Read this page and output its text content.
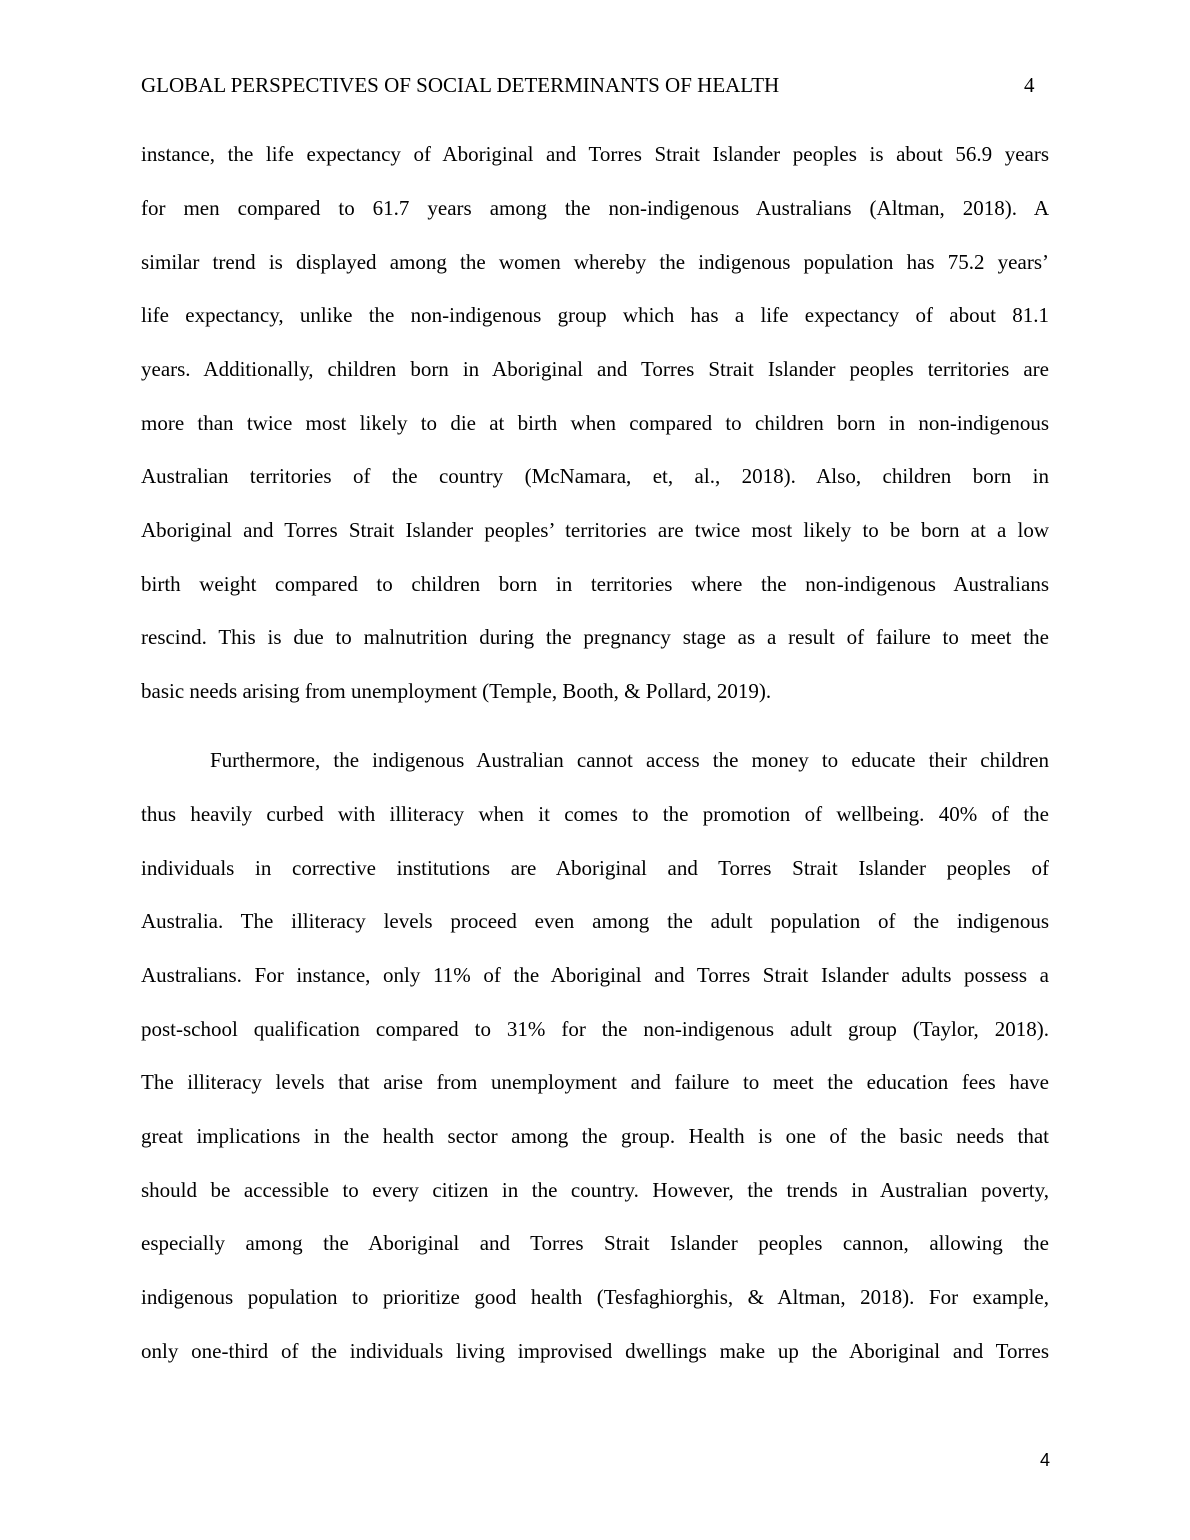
GLOBAL PERSPECTIVES OF SOCIAL DETERMINANTS OF HEALTH	4
instance, the life expectancy of Aboriginal and Torres Strait Islander peoples is about 56.9 years
for men compared to 61.7 years among the non-indigenous Australians (Altman, 2018). A
similar trend is displayed among the women whereby the indigenous population has 75.2 years’
life expectancy, unlike the non-indigenous group which has a life expectancy of about 81.1
years. Additionally, children born in Aboriginal and Torres Strait Islander peoples territories are
more than twice most likely to die at birth when compared to children born in non-indigenous
Australian territories of the country (McNamara, et, al., 2018). Also, children born in
Aboriginal and Torres Strait Islander peoples’ territories are twice most likely to be born at a low
birth weight compared to children born in territories where the non-indigenous Australians
rescind. This is due to malnutrition during the pregnancy stage as a result of failure to meet the
basic needs arising from unemployment (Temple, Booth, & Pollard, 2019).
Furthermore, the indigenous Australian cannot access the money to educate their children
thus heavily curbed with illiteracy when it comes to the promotion of wellbeing. 40% of the
individuals in corrective institutions are Aboriginal and Torres Strait Islander peoples of
Australia. The illiteracy levels proceed even among the adult population of the indigenous
Australians. For instance, only 11% of the Aboriginal and Torres Strait Islander adults possess a
post-school qualification compared to 31% for the non-indigenous adult group (Taylor, 2018).
The illiteracy levels that arise from unemployment and failure to meet the education fees have
great implications in the health sector among the group. Health is one of the basic needs that
should be accessible to every citizen in the country. However, the trends in Australian poverty,
especially among the Aboriginal and Torres Strait Islander peoples cannon, allowing the
indigenous population to prioritize good health (Tesfaghiorghis, & Altman, 2018). For example,
only one-third of the individuals living improvised dwellings make up the Aboriginal and Torres
4
